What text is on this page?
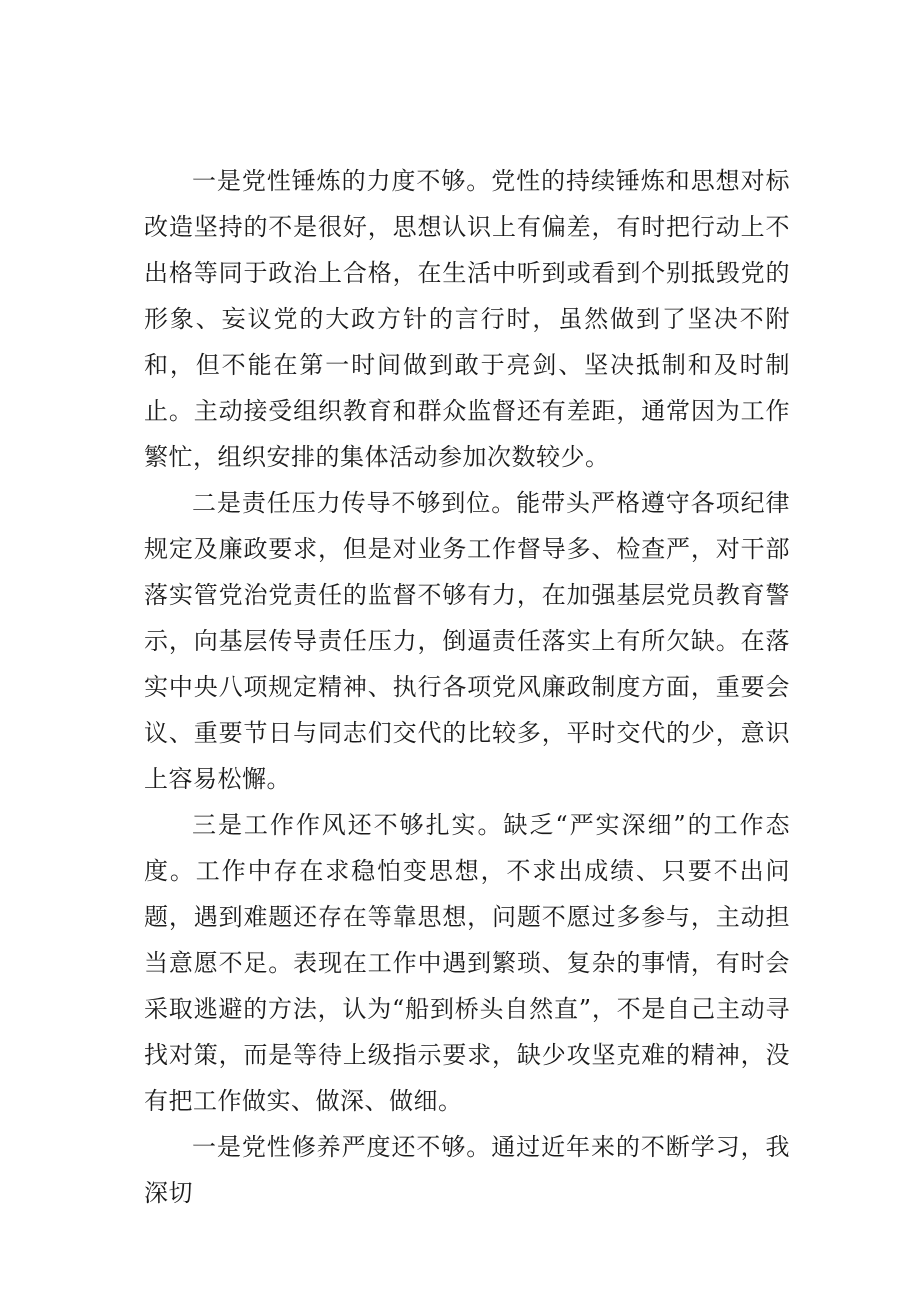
一是党性锤炼的力度不够。党性的持续锤炼和思想对标改造坚持的不是很好，思想认识上有偏差，有时把行动上不出格等同于政治上合格，在生活中听到或看到个别抵毁党的形象、妄议党的大政方针的言行时，虽然做到了坚决不附和，但不能在第一时间做到敢于亮剑、坚决抵制和及时制止。主动接受组织教育和群众监督还有差距，通常因为工作繁忙，组织安排的集体活动参加次数较少。

二是责任压力传导不够到位。能带头严格遵守各项纪律规定及廉政要求，但是对业务工作督导多、检查严，对干部落实管党治党责任的监督不够有力，在加强基层党员教育警示，向基层传导责任压力，倒逼责任落实上有所欠缺。在落实中央八项规定精神、执行各项党风廉政制度方面，重要会议、重要节日与同志们交代的比较多，平时交代的少，意识上容易松懈。

三是工作作风还不够扎实。缺乏“严实深细”的工作态度。工作中存在求稳怕变思想，不求出成绩、只要不出问题，遇到难题还存在等靠思想，问题不愿过多参与，主动担当意愿不足。表现在工作中遇到繁琐、复杂的事情，有时会采取逃避的方法，认为“船到桥头自然直”，不是自己主动寻找对策，而是等待上级指示要求，缺少攻坚克难的精神，没有把工作做实、做深、做细。

一是党性修养严度还不够。通过近年来的不断学习，我深切
